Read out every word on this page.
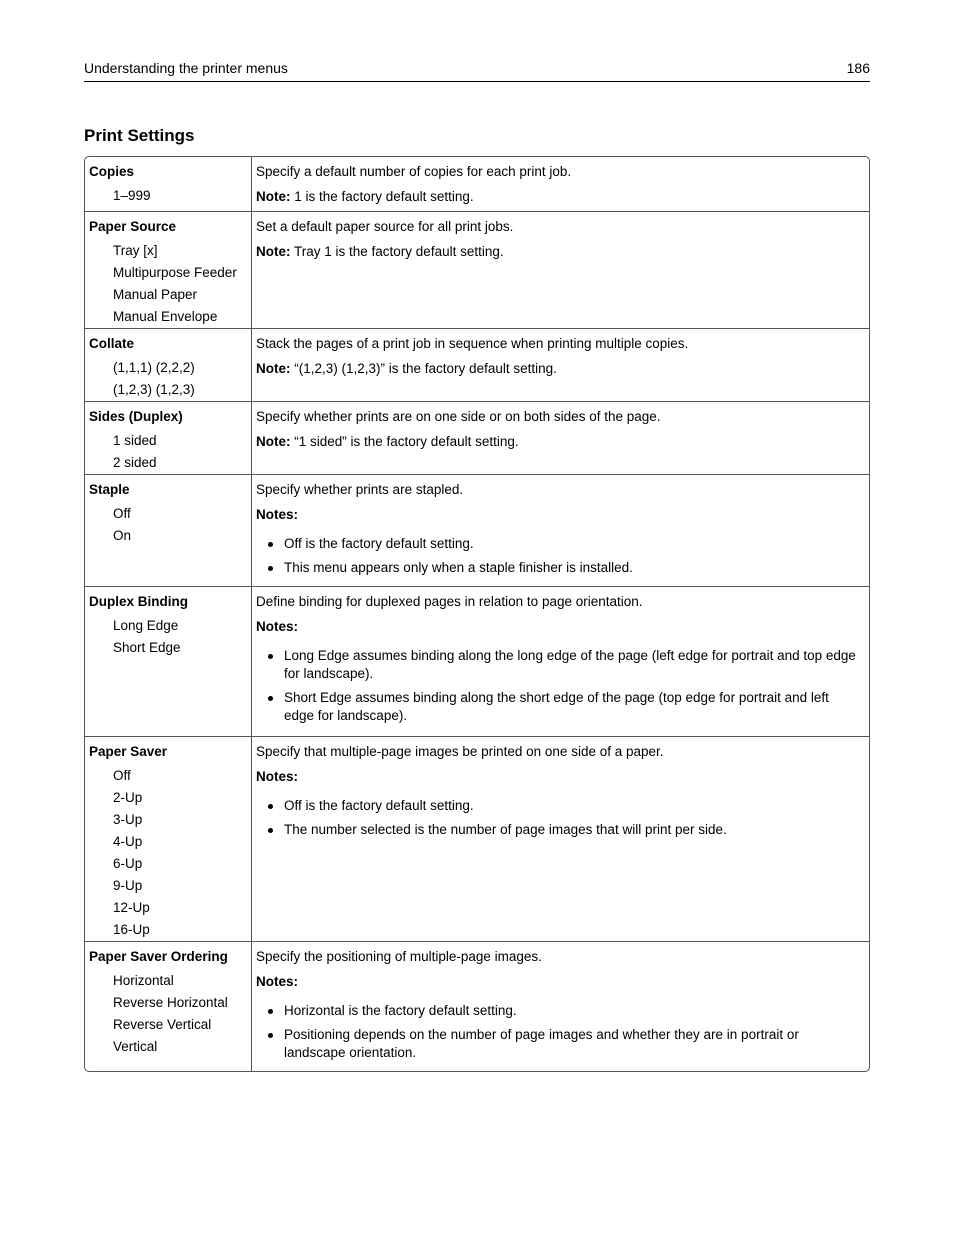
Understanding the printer menus	186
Print Settings
Copies
1–999
Specify a default number of copies for each print job.
Note: 1 is the factory default setting.
Paper Source
Tray [x]
Multipurpose Feeder
Manual Paper
Manual Envelope
Set a default paper source for all print jobs.
Note: Tray 1 is the factory default setting.
Collate
(1,1,1) (2,2,2)
(1,2,3) (1,2,3)
Stack the pages of a print job in sequence when printing multiple copies.
Note: “(1,2,3) (1,2,3)” is the factory default setting.
Sides (Duplex)
1 sided
2 sided
Specify whether prints are on one side or on both sides of the page.
Note: “1 sided” is the factory default setting.
Staple
Off
On
Specify whether prints are stapled.
Notes:
Off is the factory default setting.
This menu appears only when a staple finisher is installed.
Duplex Binding
Long Edge
Short Edge
Define binding for duplexed pages in relation to page orientation.
Notes:
Long Edge assumes binding along the long edge of the page (left edge for portrait and top edge for landscape).
Short Edge assumes binding along the short edge of the page (top edge for portrait and left edge for landscape).
Paper Saver
Off
2-Up
3-Up
4-Up
6-Up
9-Up
12-Up
16-Up
Specify that multiple-page images be printed on one side of a paper.
Notes:
Off is the factory default setting.
The number selected is the number of page images that will print per side.
Paper Saver Ordering
Horizontal
Reverse Horizontal
Reverse Vertical
Vertical
Specify the positioning of multiple-page images.
Notes:
Horizontal is the factory default setting.
Positioning depends on the number of page images and whether they are in portrait or landscape orientation.
